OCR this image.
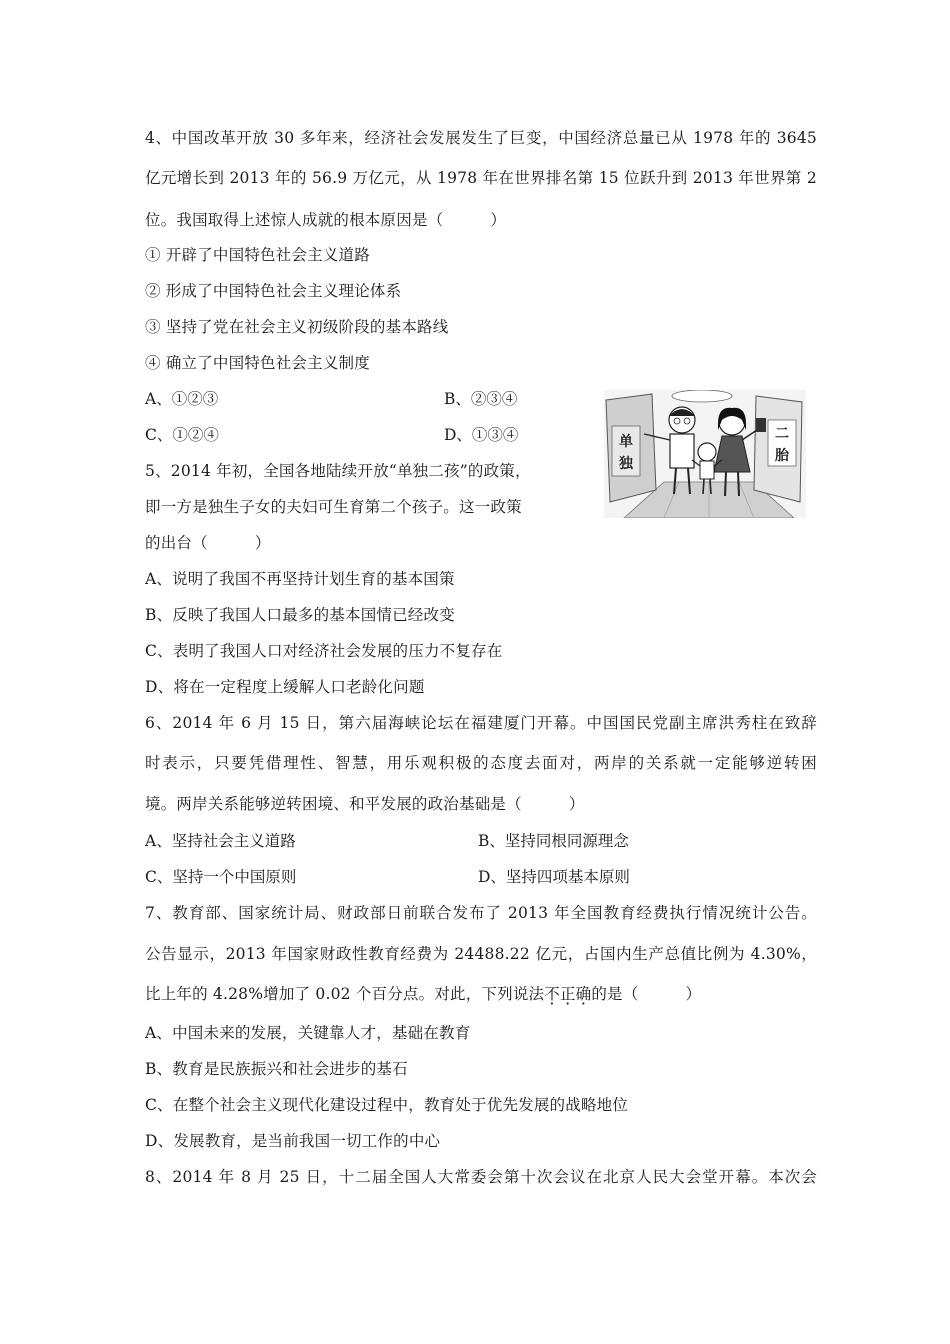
4、中国改革开放 30 多年来，经济社会发展发生了巨变，中国经济总量已从 1978 年的 3645
亿元增长到 2013 年的 56.9 万亿元，从 1978 年在世界排名第 15 位跃升到 2013 年世界第 2
位。我国取得上述惊人成就的根本原因是（　　　）
① 开辟了中国特色社会主义道路
② 形成了中国特色社会主义理论体系
③ 坚持了党在社会主义初级阶段的基本路线
④ 确立了中国特色社会主义制度
A、①②③	B、②③④
C、①②④	D、①③④	单
独
二
胎
5、2014 年初，全国各地陆续开放“单独二孩”的政策，
即一方是独生子女的夫妇可生育第二个孩子。这一政策
的出台（　　　）
A、说明了我国不再坚持计划生育的基本国策
B、反映了我国人口最多的基本国情已经改变
C、表明了我国人口对经济社会发展的压力不复存在
D、将在一定程度上缓解人口老龄化问题
6、2014 年 6 月 15 日，第六届海峡论坛在福建厦门开幕。中国国民党副主席洪秀柱在致辞
时表示，只要凭借理性、智慧，用乐观积极的态度去面对，两岸的关系就一定能够逆转困
境。两岸关系能够逆转困境、和平发展的政治基础是（　　　）
A、坚持社会主义道路	B、坚持同根同源理念
C、坚持一个中国原则	D、坚持四项基本原则
7、教育部、国家统计局、财政部日前联合发布了 2013 年全国教育经费执行情况统计公告。
公告显示，2013 年国家财政性教育经费为 24488.22 亿元，占国内生产总值比例为 4.30%，
比上年的 4.28%增加了 0.02 个百分点。对此，下列说法不正确的是（　　　）
A、中国未来的发展，关键靠人才，基础在教育
B、教育是民族振兴和社会进步的基石
C、在整个社会主义现代化建设过程中，教育处于优先发展的战略地位
D、发展教育，是当前我国一切工作的中心
8、2014 年 8 月 25 日，十二届全国人大常委会第十次会议在北京人民大会堂开幕。本次会
